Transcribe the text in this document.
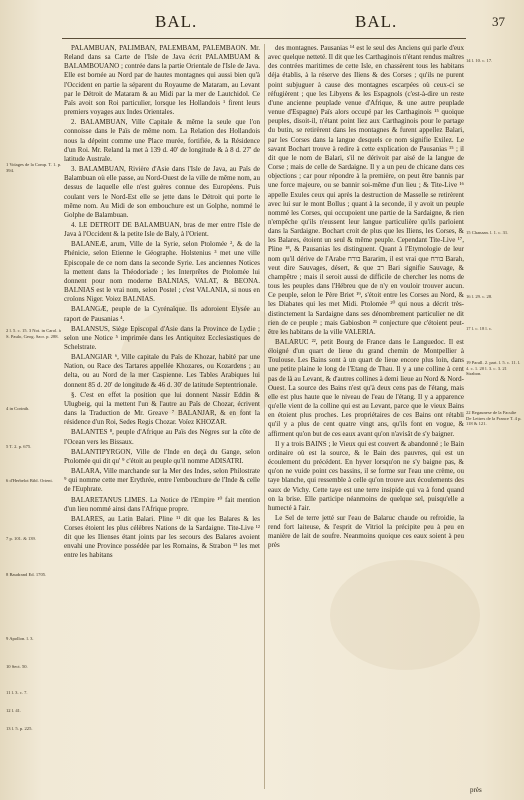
BAL.	BAL.	37
1 Voïages de la Comp. T. 1. p. 394.
2 l. 5. c. 15. 3 Not. in Carol. à S. Paulo, Geog. Sacr. p. 288.
4 in Corinth.
5 T. 2. p. 675.
6 d'Herbelot Bibl. Orient.
7 p. 101. & 139.
8 Baudrand Ed. 1705.
9 Apollon. l. 3.
10 Sect. 50.
11 l. 3. c. 7.
12 l. 41.
13 l. 5. p. 225.

PALAMBUAN, PALIMBAN, PALEMBAM, PALEMBAON. Mr. Reland dans sa Carte de l'Isle de Java écrit PALAMBUAM & BALAMBOUANO ; contrée dans la partie Orientale de l'Isle de Java. Elle est bornée au Nord par de hautes montagnes qui aussi bien qu'à l'Occident en partie la séparent du Royaume de Mataram, au Levant par le Détroit de Mataram & au Midi par la mer de Lautchidol. Ce Païs avoit son Roi particulier, lorsque les Hollandois ¹ firent leurs premiers voyages aux Indes Orientales.

2. BALAMBUAN, Ville Capitale & même la seule que l'on connoisse dans le Païs de même nom. La Relation des Hollandois nous la dépeint comme une Place murée, fortifiée, & la Résidence d'un Roi. Mr. Reland la met à 139 d. 40′ de longitude & à 8 d. 27′ de latitude Australe.

3. BALAMBUAN, Rivière d'Asie dans l'Isle de Java, au Païs de Balambuan où elle passe, au Nord-Ouest de la ville de même nom, au dessus de laquelle elle n'est guères connue des Européens. Puis coulant vers le Nord-Est elle se jette dans le Détroit qui porte le même nom. Au Midi de son embouchure est un Golphe, nommé le Golphe de Balambuan.

4. LE DETROIT DE BALAMBUAN, bras de mer entre l'Isle de Java à l'Occident & la petite Isle de Baly, à l'Orient.

BALANEÆ, arum, Ville de la Syrie, selon Ptolomée ², & de la Phénicie, selon Etienne le Géographe. Holstenius ³ met une ville Episcopale de ce nom dans la seconde Syrie. Les anciennes Notices la mettent dans la Théodoriade ; les Interprêtes de Ptolomée lui donnent pour nom moderne BALNIAS, VALAT, & BEONA. BALNIAS est le vrai nom, selon Postel ; c'est VALANIA, si nous en croïons Niger. Voiez BALNIAS.

BALANGÆ, peuple de la Cyrénaïque. Ils adoroient Elysée au raport de Pausanias ⁴.

BALANSUS, Siège Episcopal d'Asie dans la Province de Lydie ; selon une Notice ⁵ imprimée dans les Antiquitez Ecclesiastiques de Schelstrate.

BALANGIAR ⁶, Ville capitale du Païs de Khozar, habité par une Nation, ou Race des Tartares appellée Khozares, ou Kozardens ; au delta, ou au Nord de la mer Caspienne. Les Tables Arabiques lui donnent 85 d. 20′ de longitude & 46 d. 30′ de latitude Septentrionale.

§. C'est en effet la position que lui donnent Nassir Eddin & Ulugbeig, qui la mettent l'un & l'autre au Païs de Chozar, écrivent dans la Traduction de Mr. Greave ⁷ BALANJAR, & en font la résidence d'un Roi, Sedes Regis Chozar. Voïez KHOZAR.

BALANTES ⁸, peuple d'Afrique au Païs des Nègres sur la côte de l'Ocean vers les Bissaux.

BALANTIPYRGON, Ville de l'Inde en deçà du Gange, selon Ptolomée qui dit qu' ⁹ c'étoit au peuple qu'il nomme ADISATRI.

BALARA, Ville marchande sur la Mer des Indes, selon Philostrate ⁹ qui nomme cette mer Erythrée, entre l'embouchure de l'Inde & celle de l'Euphrate.

BALARETANUS LIMES. La Notice de l'Empire ¹⁰ fait mention d'un lieu nommé ainsi dans l'Afrique propre.

BALARES, au Latin Balari. Pline ¹¹ dit que les Balares & les Corses étoient les plus célèbres Nations de la Sardaigne. Tite-Live ¹² dit que les Ilienses étant joints par les secours des Balares avoient envahi une Province possédée par les Romains, & Strabon ¹³ les met entre les habitans

des montagnes. Pausanias ¹⁴ est le seul des Anciens qui parle d'eux avec quelque netteté. Il dit que les Carthaginois n'étant rendus maîtres des contrées maritimes de cette Isle, en chassèrent tous les habitans déja établis, à la réserve des Iliens & des Corses ; qu'ils ne purent point subjuguer à cause des montagnes escarpées où ceux-ci se réfugièrent ; que les Libyens & les Espagnols (c'est-à-dire un reste d'une ancienne peuplade venue d'Afrique, & une autre peuplade venue d'Espagne) Païs alors occupé par les Carthaginois ¹⁵ quoique peuples, disoit-il, n'étant point liez aux Carthaginois pour le partage du butin, se retirèrent dans les montagnes & furent appellez Balari, par les Corses dans la langue desquels ce nom signifie Exilez. Le savant Bochart trouve à redire à cette explication de Pausanias ¹⁵ ; il dit que le nom de Balari, s'il ne dérivoit par aisé de la langue de Corse ; mais de celle de Sardaigne. Il y a un peu de chicane dans ces objections ; car pour répondre à la première, on peut être bannis par une force majeure, ou se bannir soi-même d'un lieu ; & Tite-Live ¹⁶ appelle Exules ceux qui après la destruction de Masselle se retirèrent avec lui sur le mont Bollus ; quant à la seconde, il y avoit un peuple nommé les Corses, qui occupoient une partie de la Sardaigne, & rien n'empêche qu'ils n'eussent leur langue particulière qu'ils parloient dans la Sardaigne. Bochart croit de plus que les Iliens, les Corses, & les Balares, étoient un seul & même peuple. Cependant Tite-Live ¹⁷, Pline ¹⁸, & Pausanias les distinguent. Quant à l'Etymologie de leur nom qu'il dérive de l'Arabe בורח Bararim, il est vrai que בורח Barah, veut dire Sauvages, désert, & que רב Bari signifie Sauvage, & champêtre ; mais il seroit aussi de difficile de chercher les noms de tous les peuples dans l'Hébreu que de n'y en vouloir trouver aucun. Ce peuple, selon le Père Briet ¹⁹, s'étoit entre les Corses au Nord, & les Diabates qui les met Midi. Ptolomée ²⁰ qui nous a décrit très-distinctement la Sardaigne dans ses dénombrement particulier ne dit rien de ce peuple ; mais Gabiosbon ²¹ conjecture que c'étoient peut-être les habitans de la ville VALERIA.

BALARUC ²², petit Bourg de France dans le Languedoc. Il est éloigné d'un quart de lieue du grand chemin de Montpellier à Toulouse. Les Bains sont à un quart de lieue encore plus loin, dans une petite plaine le long de l'Etang de Thau. Il y a une colline à cent pas de là au Levant, & d'autres collines à demi lieue au Nord & Nord-Ouest. La source des Bains n'est qu'à deux cens pas de l'étang, mais elle est plus haute que le niveau de l'eau de l'étang. Il y a apparence qu'elle vient de la colline qui est au Levant, parce que le vieux Bains en étoient plus proches. Les propriétaires de ces Bains ont rétabli qu'il y a plus de cent quatre vingt ans, qu'ils font en vogue, & affirment qu'on but de ces eaux avant qu'on n'avisât de s'y baigner.

Il y a trois BAINS ; le Vieux qui est couvert & abandonné ; le Bain ordinaire où est la source, & le Bain des pauvres, qui est un écoulement du précédent. En hyver lorsqu'on ne s'y baigne pas, & qu'on ne vuide point ces bassins, il se forme sur l'eau une crème, ou taye blanche, qui ressemble à celle qu'on trouve aux écoulements des eaux de Vichy. Cette taye est une terre insipide qui va à fond quand on la brise. Elle participe néanmoins de quelque sel, puisqu'elle a humecté à l'air.

Le Sel de terre jetté sur l'eau de Balaruc chaude ou refroidie, la rend fort laiteuse, & l'esprit de Vitriol la précipite peu à peu en manière de lait de soufre. Neanmoins quoique ces eaux soient à peu près

14 l. 10. c. 17.
15 Chanaan. l. 1. c. 31.
16 l. 29. c. 28.
17 l. c. 18 l. c.
19 Parall. 2. part. l. 5. c. 11. l. 4. c. 1. 20 l. 3. c. 3. 21 Strabon.
22 Regaunese de la Faculte De Lettres de la France T. 4 p. 118 & 121.
près
